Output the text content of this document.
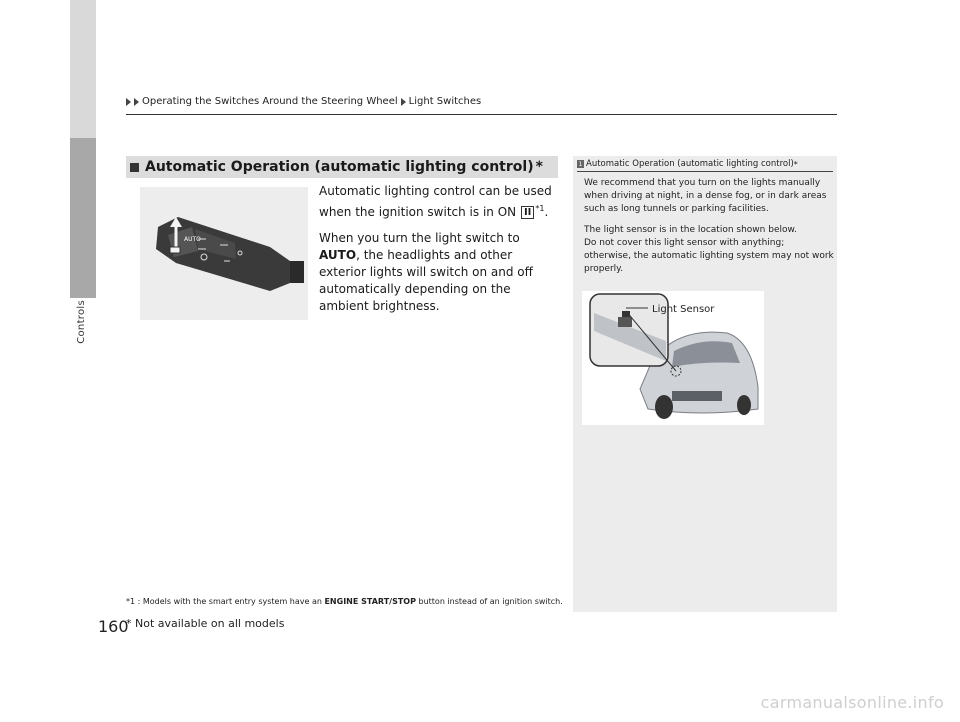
Controls
160
Operating the Switches Around the Steering Wheel Light Switches
Automatic Operation (automatic lighting control) *
AUTO

Automatic lighting control can be used when the ignition switch is in ON II $^{*1}$.

When you turn the light switch to AUTO, the headlights and other exterior lights will switch on and off automatically depending on the ambient brightness.

*1 : Models with the smart entry system have an ENGINE START/STOP button instead of an ignition switch.
1 Automatic Operation (automatic lighting control) *

We recommend that you turn on the lights manually when driving at night, in a dense fog, or in dark areas such as long tunnels or parking facilities.

The light sensor is in the location shown below.
Do not cover this light sensor with anything; otherwise, the automatic lighting system may not work properly.

Light Sensor
* Not available on all models
carmanualsonline.info
